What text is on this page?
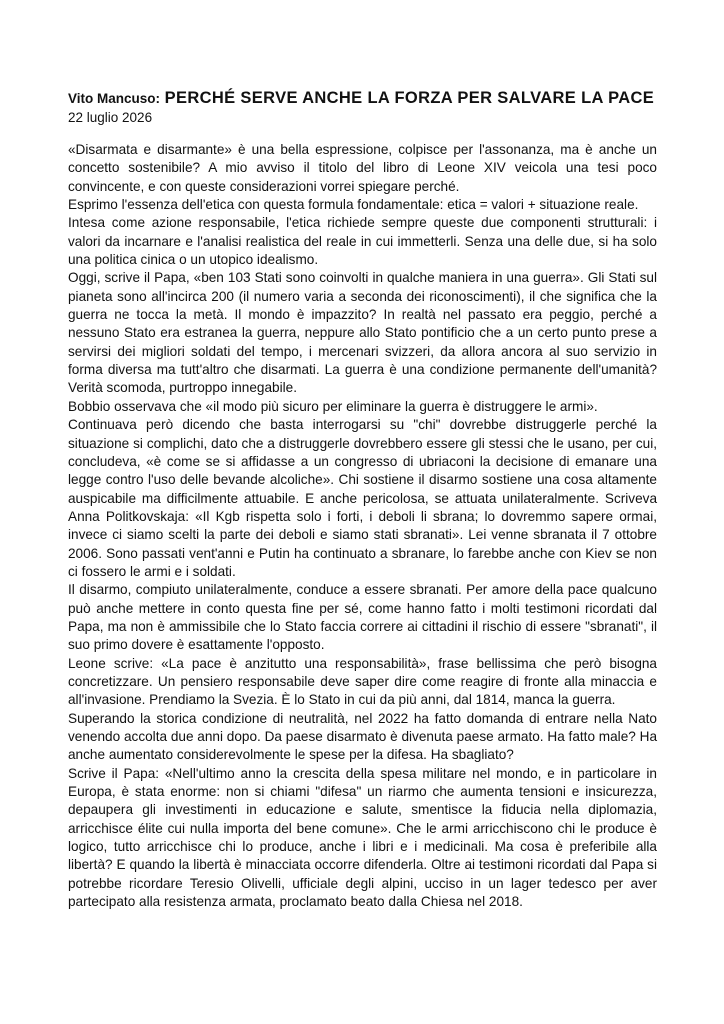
Vito Mancuso: PERCHÉ SERVE ANCHE LA FORZA PER SALVARE LA PACE

22 luglio 2026

«Disarmata e disarmante» è una bella espressione, colpisce per l'assonanza, ma è anche un concetto sostenibile? A mio avviso il titolo del libro di Leone XIV veicola una tesi poco convincente, e con queste considerazioni vorrei spiegare perché.

Esprimo l'essenza dell'etica con questa formula fondamentale: etica = valori + situazione reale.

Intesa come azione responsabile, l'etica richiede sempre queste due componenti strutturali: i valori da incarnare e l'analisi realistica del reale in cui immetterli. Senza una delle due, si ha solo una politica cinica o un utopico idealismo.

Oggi, scrive il Papa, «ben 103 Stati sono coinvolti in qualche maniera in una guerra». Gli Stati sul pianeta sono all'incirca 200 (il numero varia a seconda dei riconoscimenti), il che significa che la guerra ne tocca la metà. Il mondo è impazzito? In realtà nel passato era peggio, perché a nessuno Stato era estranea la guerra, neppure allo Stato pontificio che a un certo punto prese a servirsi dei migliori soldati del tempo, i mercenari svizzeri, da allora ancora al suo servizio in forma diversa ma tutt'altro che disarmati. La guerra è una condizione permanente dell'umanità? Verità scomoda, purtroppo innegabile.

Bobbio osservava che «il modo più sicuro per eliminare la guerra è distruggere le armi».

Continuava però dicendo che basta interrogarsi su "chi" dovrebbe distruggerle perché la situazione si complichi, dato che a distruggerle dovrebbero essere gli stessi che le usano, per cui, concludeva, «è come se si affidasse a un congresso di ubriaconi la decisione di emanare una legge contro l'uso delle bevande alcoliche». Chi sostiene il disarmo sostiene una cosa altamente auspicabile ma difficilmente attuabile. E anche pericolosa, se attuata unilateralmente. Scriveva Anna Politkovskaja: «Il Kgb rispetta solo i forti, i deboli li sbrana; lo dovremmo sapere ormai, invece ci siamo scelti la parte dei deboli e siamo stati sbranati». Lei venne sbranata il 7 ottobre 2006. Sono passati vent'anni e Putin ha continuato a sbranare, lo farebbe anche con Kiev se non ci fossero le armi e i soldati.

Il disarmo, compiuto unilateralmente, conduce a essere sbranati. Per amore della pace qualcuno può anche mettere in conto questa fine per sé, come hanno fatto i molti testimoni ricordati dal Papa, ma non è ammissibile che lo Stato faccia correre ai cittadini il rischio di essere "sbranati", il suo primo dovere è esattamente l'opposto.

Leone scrive: «La pace è anzitutto una responsabilità», frase bellissima che però bisogna concretizzare. Un pensiero responsabile deve saper dire come reagire di fronte alla minaccia e all'invasione. Prendiamo la Svezia. È lo Stato in cui da più anni, dal 1814, manca la guerra.

Superando la storica condizione di neutralità, nel 2022 ha fatto domanda di entrare nella Nato venendo accolta due anni dopo. Da paese disarmato è divenuta paese armato. Ha fatto male? Ha anche aumentato considerevolmente le spese per la difesa. Ha sbagliato?

Scrive il Papa: «Nell'ultimo anno la crescita della spesa militare nel mondo, e in particolare in Europa, è stata enorme: non si chiami "difesa" un riarmo che aumenta tensioni e insicurezza, depaupera gli investimenti in educazione e salute, smentisce la fiducia nella diplomazia, arricchisce élite cui nulla importa del bene comune». Che le armi arricchiscono chi le produce è logico, tutto arricchisce chi lo produce, anche i libri e i medicinali. Ma cosa è preferibile alla libertà? E quando la libertà è minacciata occorre difenderla. Oltre ai testimoni ricordati dal Papa si potrebbe ricordare Teresio Olivelli, ufficiale degli alpini, ucciso in un lager tedesco per aver partecipato alla resistenza armata, proclamato beato dalla Chiesa nel 2018.
